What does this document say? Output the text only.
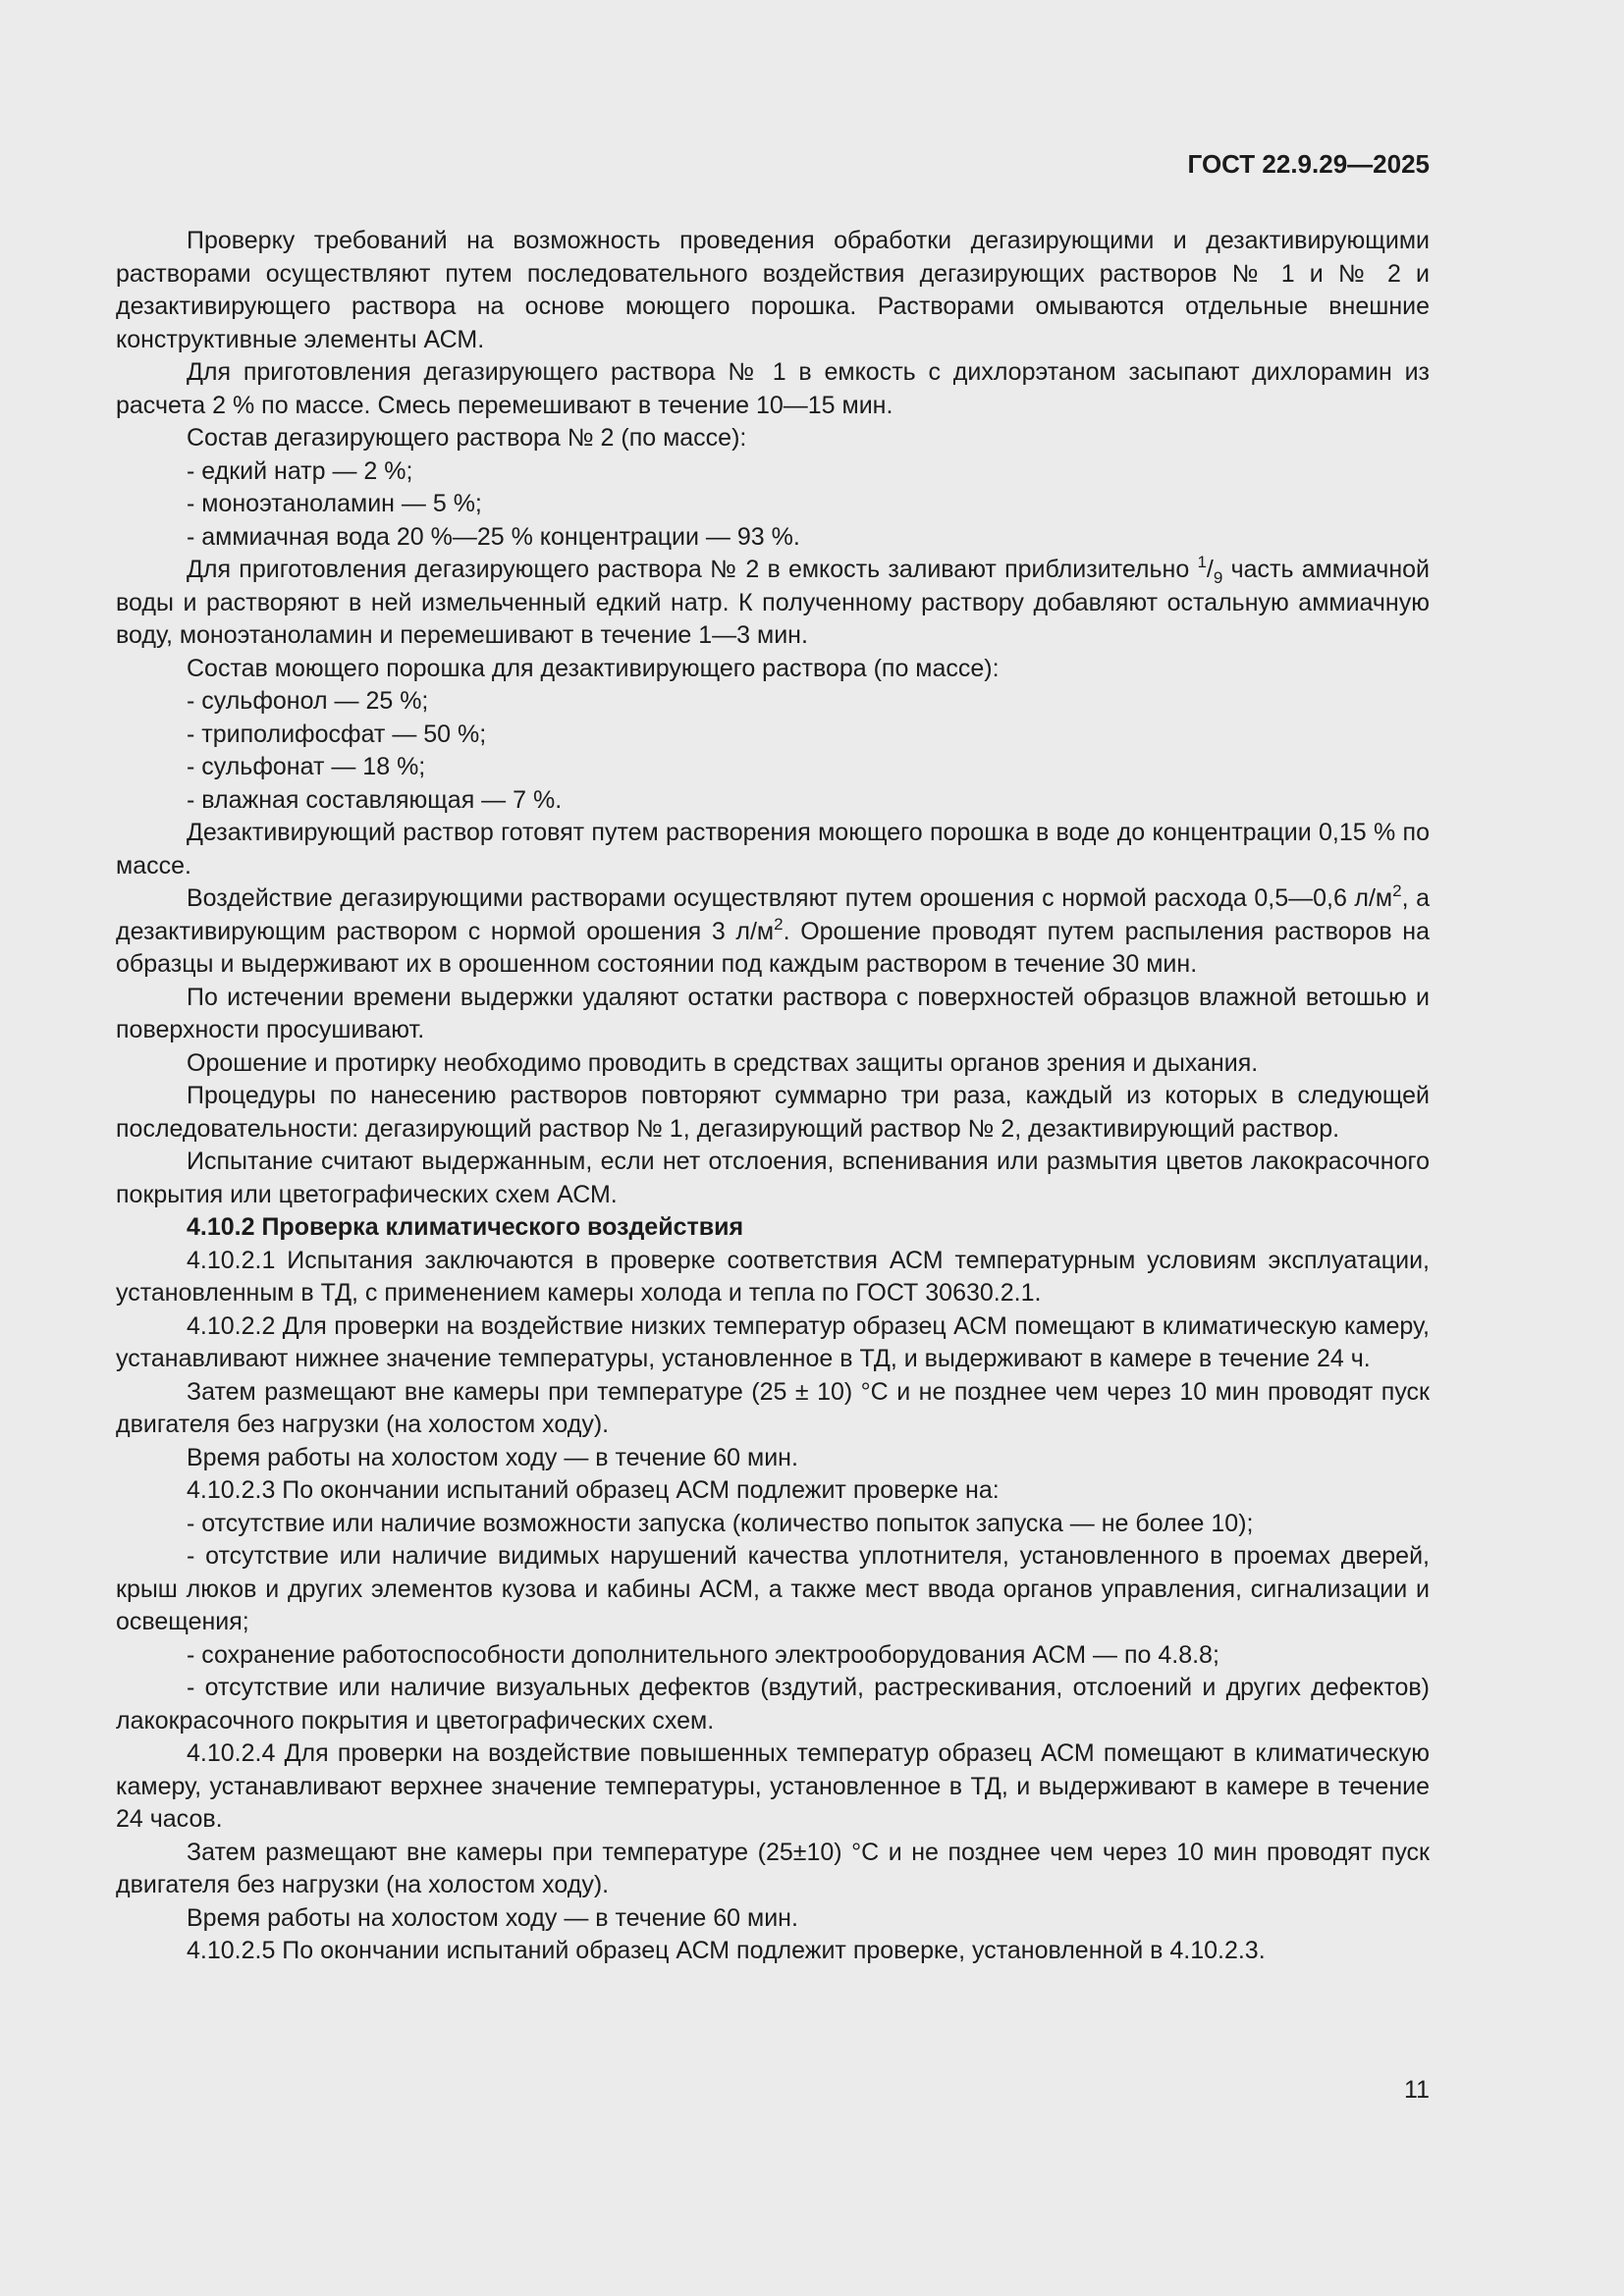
ГОСТ 22.9.29—2025

Проверку требований на возможность проведения обработки дегазирующими и дезактивирующими растворами осуществляют путем последовательного воздействия дегазирующих растворов № 1 и № 2 и дезактивирующего раствора на основе моющего порошка. Растворами омываются отдельные внешние конструктивные элементы АСМ.

Для приготовления дегазирующего раствора № 1 в емкость с дихлорэтаном засыпают дихлорамин из расчета 2 % по массе. Смесь перемешивают в течение 10—15 мин.

Состав дегазирующего раствора № 2 (по массе):

- едкий натр — 2 %;

- моноэтаноламин — 5 %;

- аммиачная вода 20 %—25 % концентрации — 93 %.

Для приготовления дегазирующего раствора № 2 в емкость заливают приблизительно $^1/_9$ часть аммиачной воды и растворяют в ней измельченный едкий натр. К полученному раствору добавляют остальную аммиачную воду, моноэтаноламин и перемешивают в течение 1—3 мин.

Состав моющего порошка для дезактивирующего раствора (по массе):

- сульфонол — 25 %;

- триполифосфат — 50 %;

- сульфонат — 18 %;

- влажная составляющая — 7 %.

Дезактивирующий раствор готовят путем растворения моющего порошка в воде до концентрации 0,15 % по массе.

Воздействие дегазирующими растворами осуществляют путем орошения с нормой расхода 0,5—0,6 $л/м^2$, а дезактивирующим раствором с нормой орошения 3 $л/м^2$. Орошение проводят путем распыления растворов на образцы и выдерживают их в орошенном состоянии под каждым раствором в течение 30 мин.

По истечении времени выдержки удаляют остатки раствора с поверхностей образцов влажной ветошью и поверхности просушивают.

Орошение и протирку необходимо проводить в средствах защиты органов зрения и дыхания.

Процедуры по нанесению растворов повторяют суммарно три раза, каждый из которых в следующей последовательности: дегазирующий раствор № 1, дегазирующий раствор № 2, дезактивирующий раствор.

Испытание считают выдержанным, если нет отслоения, вспенивания или размытия цветов лакокрасочного покрытия или цветографических схем АСМ.

4.10.2 Проверка климатического воздействия

4.10.2.1 Испытания заключаются в проверке соответствия АСМ температурным условиям эксплуатации, установленным в ТД, с применением камеры холода и тепла по ГОСТ 30630.2.1.

4.10.2.2 Для проверки на воздействие низких температур образец АСМ помещают в климатическую камеру, устанавливают нижнее значение температуры, установленное в ТД, и выдерживают в камере в течение 24 ч.

Затем размещают вне камеры при температуре (25 ± 10) °С и не позднее чем через 10 мин проводят пуск двигателя без нагрузки (на холостом ходу).

Время работы на холостом ходу — в течение 60 мин.

4.10.2.3 По окончании испытаний образец АСМ подлежит проверке на:

- отсутствие или наличие возможности запуска (количество попыток запуска — не более 10);

- отсутствие или наличие видимых нарушений качества уплотнителя, установленного в проемах дверей, крыш люков и других элементов кузова и кабины АСМ, а также мест ввода органов управления, сигнализации и освещения;

- сохранение работоспособности дополнительного электрооборудования АСМ — по 4.8.8;

- отсутствие или наличие визуальных дефектов (вздутий, растрескивания, отслоений и других дефектов) лакокрасочного покрытия и цветографических схем.

4.10.2.4 Для проверки на воздействие повышенных температур образец АСМ помещают в климатическую камеру, устанавливают верхнее значение температуры, установленное в ТД, и выдерживают в камере в течение 24 часов.

Затем размещают вне камеры при температуре (25±10) °С и не позднее чем через 10 мин проводят пуск двигателя без нагрузки (на холостом ходу).

Время работы на холостом ходу — в течение 60 мин.

4.10.2.5 По окончании испытаний образец АСМ подлежит проверке, установленной в 4.10.2.3.

11
